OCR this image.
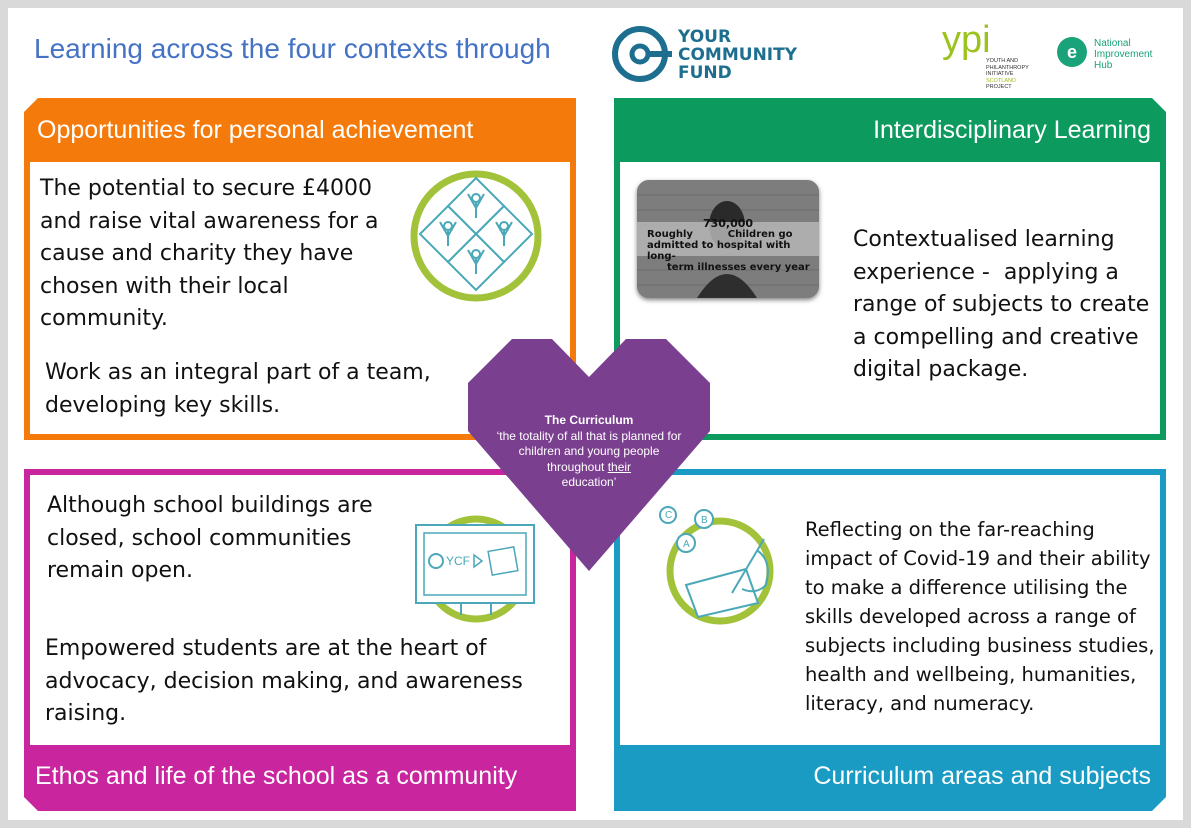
Learning across the four contexts through	YOUR
COMMUNITY
FUND
ypi
YOUTH AND
PHILANTHROPY
INITIATIVE
SCOTLAND
PROJECT
e National
Improvement
Hub
Opportunities for personal achievement
The potential to secure £4000
and raise vital awareness for a
cause and charity they have
chosen with their local
community.
Work as an integral part of a team,
developing key skills.
Interdisciplinary Learning
730,000
Roughly          Children go
admitted to hospital with long-
term illnesses every year
Contextualised learning
experience -  applying a
range of subjects to create
a compelling and creative
digital package.
Ethos and life of the school as a community
Although school buildings are
closed, school communities
remain open.
Empowered students are at the heart of
advocacy, decision making, and awareness
raising.
YCF
Curriculum areas and subjects
C	B
A
Reflecting on the far-reaching
impact of Covid-19 and their ability
to make a difference utilising the
skills developed across a range of
subjects including business studies,
health and wellbeing, humanities,
literacy, and numeracy.
The Curriculum
‘the totality of all that is planned for
children and young people
throughout their
education’
